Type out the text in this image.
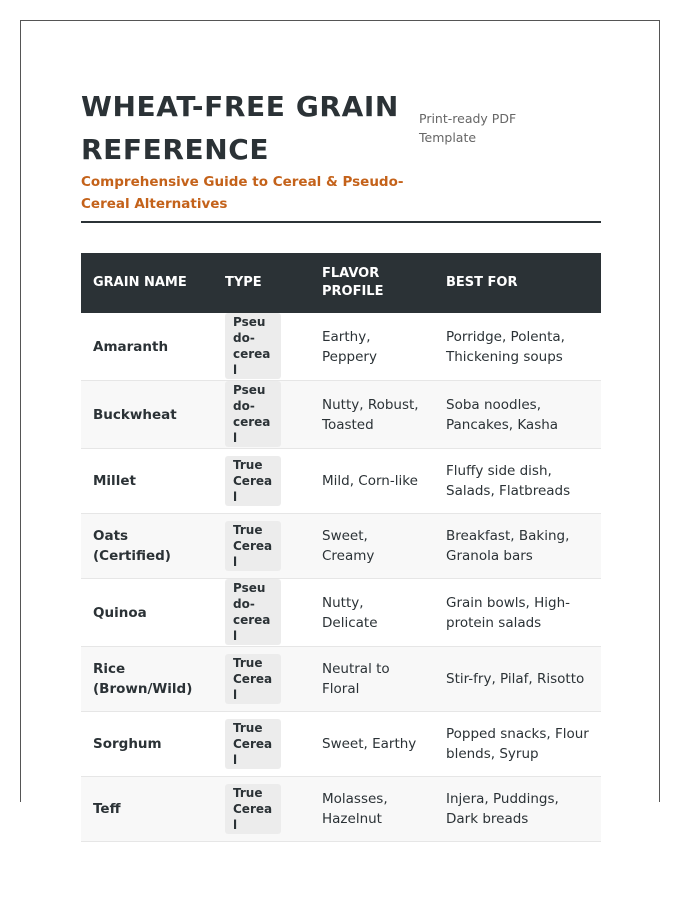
WHEAT-FREE GRAIN REFERENCE
Comprehensive Guide to Cereal & Pseudo-Cereal Alternatives
Print-ready PDF Template
GRAIN NAME	TYPE	FLAVOR PROFILE	BEST FOR
Amaranth	Pseudo-cereal	Earthy, Peppery	Porridge, Polenta, Thickening soups
Buckwheat	Pseudo-cereal	Nutty, Robust, Toasted	Soba noodles, Pancakes, Kasha
Millet	True Cereal	Mild, Corn-like	Fluffy side dish, Salads, Flatbreads
Oats (Certified)	True Cereal	Sweet, Creamy	Breakfast, Baking, Granola bars
Quinoa	Pseudo-cereal	Nutty, Delicate	Grain bowls, High-protein salads
Rice (Brown/Wild)	True Cereal	Neutral to Floral	Stir-fry, Pilaf, Risotto
Sorghum	True Cereal	Sweet, Earthy	Popped snacks, Flour blends, Syrup
Teff	True Cereal	Molasses, Hazelnut	Injera, Puddings, Dark breads
